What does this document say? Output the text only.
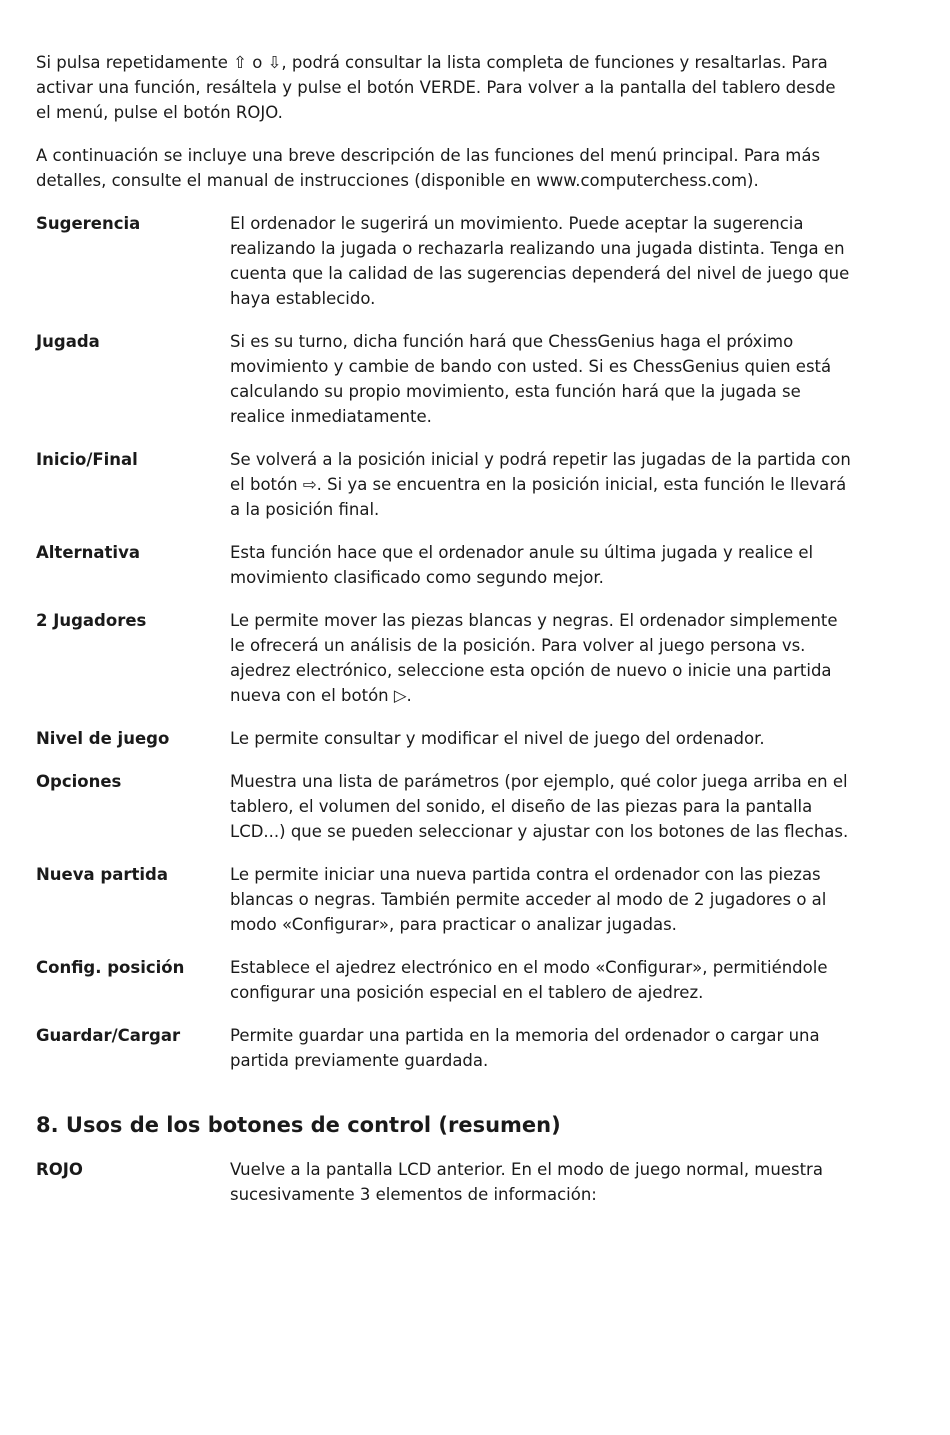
Si pulsa repetidamente ⇧ o ⇩, podrá consultar la lista completa de funciones y resaltarlas. Para activar una función, resáltela y pulse el botón VERDE. Para volver a la pantalla del tablero desde el menú, pulse el botón ROJO.

A continuación se incluye una breve descripción de las funciones del menú principal. Para más detalles, consulte el manual de instrucciones (disponible en www.computerchess.com).

Sugerencia	El ordenador le sugerirá un movimiento. Puede aceptar la sugerencia realizando la jugada o rechazarla realizando una jugada distinta. Tenga en cuenta que la calidad de las sugerencias dependerá del nivel de juego que haya establecido.
Jugada	Si es su turno, dicha función hará que ChessGenius haga el próximo movimiento y cambie de bando con usted. Si es ChessGenius quien está calculando su propio movimiento, esta función hará que la jugada se realice inmediatamente.
Inicio/Final	Se volverá a la posición inicial y podrá repetir las jugadas de la partida con el botón ⇨. Si ya se encuentra en la posición inicial, esta función le llevará a la posición final.
Alternativa	Esta función hace que el ordenador anule su última jugada y realice el movimiento clasificado como segundo mejor.
2 Jugadores	Le permite mover las piezas blancas y negras. El ordenador simplemente le ofrecerá un análisis de la posición. Para volver al juego persona vs. ajedrez electrónico, seleccione esta opción de nuevo o inicie una partida nueva con el botón ▷.
Nivel de juego	Le permite consultar y modificar el nivel de juego del ordenador.
Opciones	Muestra una lista de parámetros (por ejemplo, qué color juega arriba en el tablero, el volumen del sonido, el diseño de las piezas para la pantalla LCD...) que se pueden seleccionar y ajustar con los botones de las flechas.
Nueva partida	Le permite iniciar una nueva partida contra el ordenador con las piezas blancas o negras. También permite acceder al modo de 2 jugadores o al modo «Configurar», para practicar o analizar jugadas.
Config. posición	Establece el ajedrez electrónico en el modo «Configurar», permitiéndole configurar una posición especial en el tablero de ajedrez.
Guardar/Cargar	Permite guardar una partida en la memoria del ordenador o cargar una partida previamente guardada.
8. Usos de los botones de control (resumen)
ROJO	Vuelve a la pantalla LCD anterior. En el modo de juego normal, muestra sucesivamente 3 elementos de información:
